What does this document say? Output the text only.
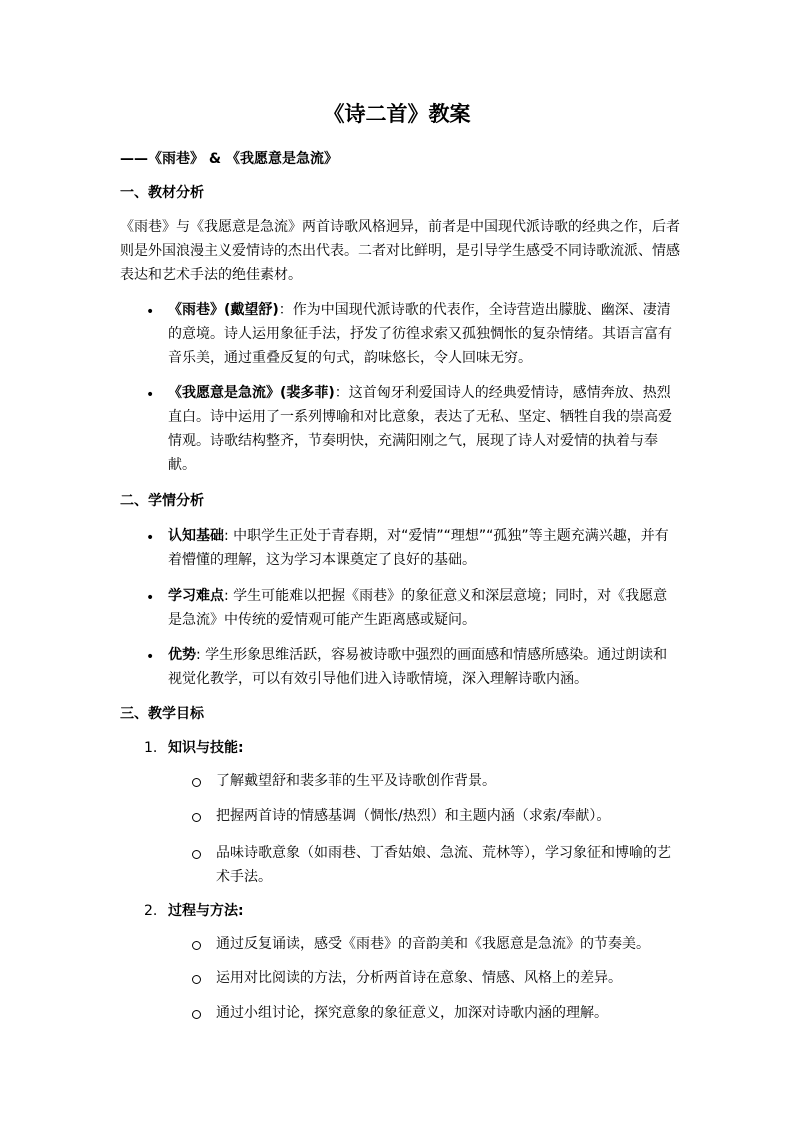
《诗二首》教案
——《雨巷》 & 《我愿意是急流》
一、教材分析

《雨巷》与《我愿意是急流》两首诗歌风格迥异，前者是中国现代派诗歌的经典之作，后者则是外国浪漫主义爱情诗的杰出代表。二者对比鲜明，是引导学生感受不同诗歌流派、情感表达和艺术手法的绝佳素材。

• 《雨巷》(戴望舒)：作为中国现代派诗歌的代表作，全诗营造出朦胧、幽深、凄清的意境。诗人运用象征手法，抒发了彷徨求索又孤独惆怅的复杂情绪。其语言富有音乐美，通过重叠反复的句式，韵味悠长，令人回味无穷。

• 《我愿意是急流》(裴多菲)：这首匈牙利爱国诗人的经典爱情诗，感情奔放、热烈直白。诗中运用了一系列博喻和对比意象，表达了无私、坚定、牺牲自我的崇高爱情观。诗歌结构整齐，节奏明快，充满阳刚之气，展现了诗人对爱情的执着与奉献。

二、学情分析
• 认知基础: 中职学生正处于青春期，对“爱情”“理想”“孤独”等主题充满兴趣，并有着懵懂的理解，这为学习本课奠定了良好的基础。

• 学习难点: 学生可能难以把握《雨巷》的象征意义和深层意境；同时，对《我愿意是急流》中传统的爱情观可能产生距离感或疑问。

• 优势: 学生形象思维活跃，容易被诗歌中强烈的画面感和情感所感染。通过朗读和视觉化教学，可以有效引导他们进入诗歌情境，深入理解诗歌内涵。

三、教学目标
1. 知识与技能:

了解戴望舒和裴多菲的生平及诗歌创作背景。

把握两首诗的情感基调（惆怅/热烈）和主题内涵（求索/奉献）。

品味诗歌意象（如雨巷、丁香姑娘、急流、荒林等），学习象征和博喻的艺术手法。

2. 过程与方法:

通过反复诵读，感受《雨巷》的音韵美和《我愿意是急流》的节奏美。

运用对比阅读的方法，分析两首诗在意象、情感、风格上的差异。

通过小组讨论，探究意象的象征意义，加深对诗歌内涵的理解。
